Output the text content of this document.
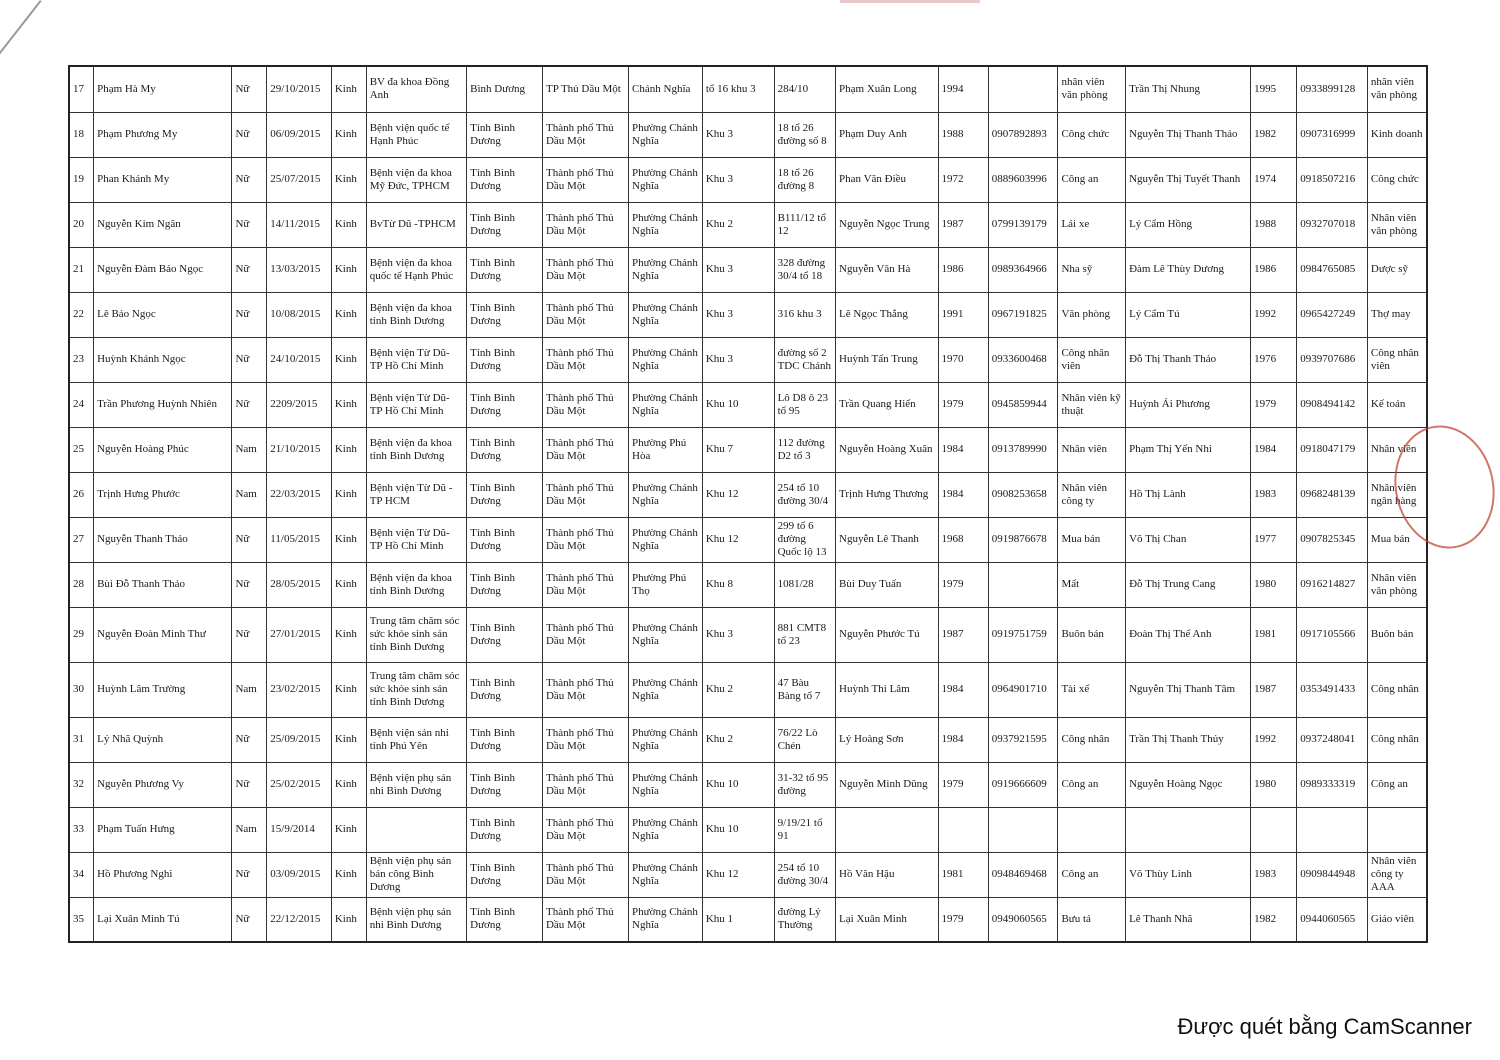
17	Phạm Hà My	Nữ	29/10/2015	Kinh	BV đa khoa Đồng Anh	Bình Dương	TP Thủ Dầu Một	Chánh Nghĩa	tổ 16 khu 3	284/10	Phạm Xuân Long	1994		nhân viên văn phòng	Trần Thị Nhung	1995	0933899128	nhân viên văn phòng
18	Phạm Phương My	Nữ	06/09/2015	Kinh	Bệnh viện quốc tế Hạnh Phúc	Tỉnh Bình Dương	Thành phố Thủ Dầu Một	Phường Chánh Nghĩa	Khu 3	18 tổ 26 đường số 8	Phạm Duy Anh	1988	0907892893	Công chức	Nguyễn Thị Thanh Thảo	1982	0907316999	Kinh doanh
19	Phan Khánh My	Nữ	25/07/2015	Kinh	Bệnh viện đa khoa Mỹ Đức, TPHCM	Tỉnh Bình Dương	Thành phố Thủ Dầu Một	Phường Chánh Nghĩa	Khu 3	18 tổ 26 đường 8	Phan Văn Điều	1972	0889603996	Công an	Nguyễn Thị Tuyết Thanh	1974	0918507216	Công chức
20	Nguyễn Kim Ngân	Nữ	14/11/2015	Kinh	BvTừ Dũ -TPHCM	Tỉnh Bình Dương	Thành phố Thủ Dầu Một	Phường Chánh Nghĩa	Khu 2	B111/12 tổ 12	Nguyễn Ngọc Trung	1987	0799139179	Lái xe	Lý Cẩm Hồng	1988	0932707018	Nhân viên văn phòng
21	Nguyễn Đàm Bảo Ngọc	Nữ	13/03/2015	Kinh	Bệnh viện đa khoa quốc tế Hạnh Phúc	Tỉnh Bình Dương	Thành phố Thủ Dầu Một	Phường Chánh Nghĩa	Khu 3	328 đường 30/4 tổ 18	Nguyễn Văn Hà	1986	0989364966	Nha sỹ	Đàm Lê Thùy Dương	1986	0984765085	Dược sỹ
22	Lê Bảo Ngọc	Nữ	10/08/2015	Kinh	Bệnh viện đa khoa tỉnh Bình Dương	Tỉnh Bình Dương	Thành phố Thủ Dầu Một	Phường Chánh Nghĩa	Khu 3	316 khu 3	Lê Ngọc Thắng	1991	0967191825	Văn phòng	Lý Cẩm Tú	1992	0965427249	Thợ may
23	Huỳnh Khánh Ngọc	Nữ	24/10/2015	Kinh	Bệnh viện Từ Dũ- TP Hồ Chí Minh	Tỉnh Bình Dương	Thành phố Thủ Dầu Một	Phường Chánh Nghĩa	Khu 3	đường số 2 TDC Chánh	Huỳnh Tấn Trung	1970	0933600468	Công nhân viên	Đỗ Thị Thanh Thảo	1976	0939707686	Công nhân viên
24	Trần Phương Huỳnh Nhiên	Nữ	2209/2015	Kinh	Bệnh viện Từ Dũ- TP Hồ Chí Minh	Tỉnh Bình Dương	Thành phố Thủ Dầu Một	Phường Chánh Nghĩa	Khu 10	Lô D8 ô 23 tổ 95	Trần Quang Hiển	1979	0945859944	Nhân viên kỹ thuật	Huỳnh Ái Phương	1979	0908494142	Kế toán
25	Nguyễn Hoàng Phúc	Nam	21/10/2015	Kinh	Bệnh viện đa khoa tỉnh Bình Dương	Tỉnh Bình Dương	Thành phố Thủ Dầu Một	Phường Phú Hòa	Khu 7	112 đường D2 tổ 3	Nguyễn Hoàng Xuân	1984	0913789990	Nhân viên	Phạm Thị Yến Nhi	1984	0918047179	Nhân viên
26	Trịnh Hưng Phước	Nam	22/03/2015	Kinh	Bệnh viện Từ Dũ - TP HCM	Tỉnh Bình Dương	Thành phố Thủ Dầu Một	Phường Chánh Nghĩa	Khu 12	254 tổ 10 đường 30/4	Trịnh Hưng Thương	1984	0908253658	Nhân viên công ty	Hồ Thị Lành	1983	0968248139	Nhân viên ngân hàng
27	Nguyễn Thanh Thảo	Nữ	11/05/2015	Kinh	Bệnh viện Từ Dũ- TP Hồ Chí Minh	Tỉnh Bình Dương	Thành phố Thủ Dầu Một	Phường Chánh Nghĩa	Khu 12	299 tổ 6 đường Quốc lộ 13	Nguyễn Lê Thanh	1968	0919876678	Mua bán	Võ Thị Chan	1977	0907825345	Mua bán
28	Bùi Đỗ Thanh Thảo	Nữ	28/05/2015	Kinh	Bệnh viện đa khoa tỉnh Bình Dương	Tỉnh Bình Dương	Thành phố Thủ Dầu Một	Phường Phú Thọ	Khu 8	1081/28	Bùi Duy Tuấn	1979		Mất	Đỗ Thị Trung Cang	1980	0916214827	Nhân viên văn phòng
29	Nguyễn Đoàn Minh Thư	Nữ	27/01/2015	Kinh	Trung tâm chăm sóc sức khỏe sinh sản tỉnh Bình Dương	Tỉnh Bình Dương	Thành phố Thủ Dầu Một	Phường Chánh Nghĩa	Khu 3	881 CMT8 tổ 23	Nguyễn Phước Tú	1987	0919751759	Buôn bán	Đoàn Thị Thế Anh	1981	0917105566	Buôn bán
30	Huỳnh Lâm Trường	Nam	23/02/2015	Kinh	Trung tâm chăm sóc sức khỏe sinh sản tỉnh Bình Dương	Tỉnh Bình Dương	Thành phố Thủ Dầu Một	Phường Chánh Nghĩa	Khu 2	47 Bàu Bàng tổ 7	Huỳnh Thi Lâm	1984	0964901710	Tài xế	Nguyễn Thị Thanh Tâm	1987	0353491433	Công nhân
31	Lý Nhã Quỳnh	Nữ	25/09/2015	Kinh	Bệnh viện sản nhi tỉnh Phú Yên	Tỉnh Bình Dương	Thành phố Thủ Dầu Một	Phường Chánh Nghĩa	Khu 2	76/22 Lò Chén	Lý Hoàng Sơn	1984	0937921595	Công nhân	Trần Thị Thanh Thủy	1992	0937248041	Công nhân
32	Nguyễn Phương Vy	Nữ	25/02/2015	Kinh	Bệnh viện phụ sản nhi Bình Dương	Tỉnh Bình Dương	Thành phố Thủ Dầu Một	Phường Chánh Nghĩa	Khu 10	31-32 tổ 95 đường	Nguyễn Minh Dũng	1979	0919666609	Công an	Nguyễn Hoàng Ngọc	1980	0989333319	Công an
33	Phạm Tuấn Hưng	Nam	15/9/2014	Kinh		Tỉnh Bình Dương	Thành phố Thủ Dầu Một	Phường Chánh Nghĩa	Khu 10	9/19/21 tổ 91								
34	Hồ Phương Nghi	Nữ	03/09/2015	Kinh	Bệnh viện phụ sản bán công Bình Dương	Tỉnh Bình Dương	Thành phố Thủ Dầu Một	Phường Chánh Nghĩa	Khu 12	254 tổ 10 đường 30/4	Hồ Văn Hậu	1981	0948469468	Công an	Võ Thùy Linh	1983	0909844948	Nhân viên công ty AAA
35	Lại Xuân Minh Tú	Nữ	22/12/2015	Kinh	Bệnh viện phụ sản nhi Bình Dương	Tỉnh Bình Dương	Thành phố Thủ Dầu Một	Phường Chánh Nghĩa	Khu 1	đường Lý Thường	Lại Xuân Minh	1979	0949060565	Bưu tá	Lê Thanh Nhã	1982	0944060565	Giáo viên
Được quét bằng CamScanner
